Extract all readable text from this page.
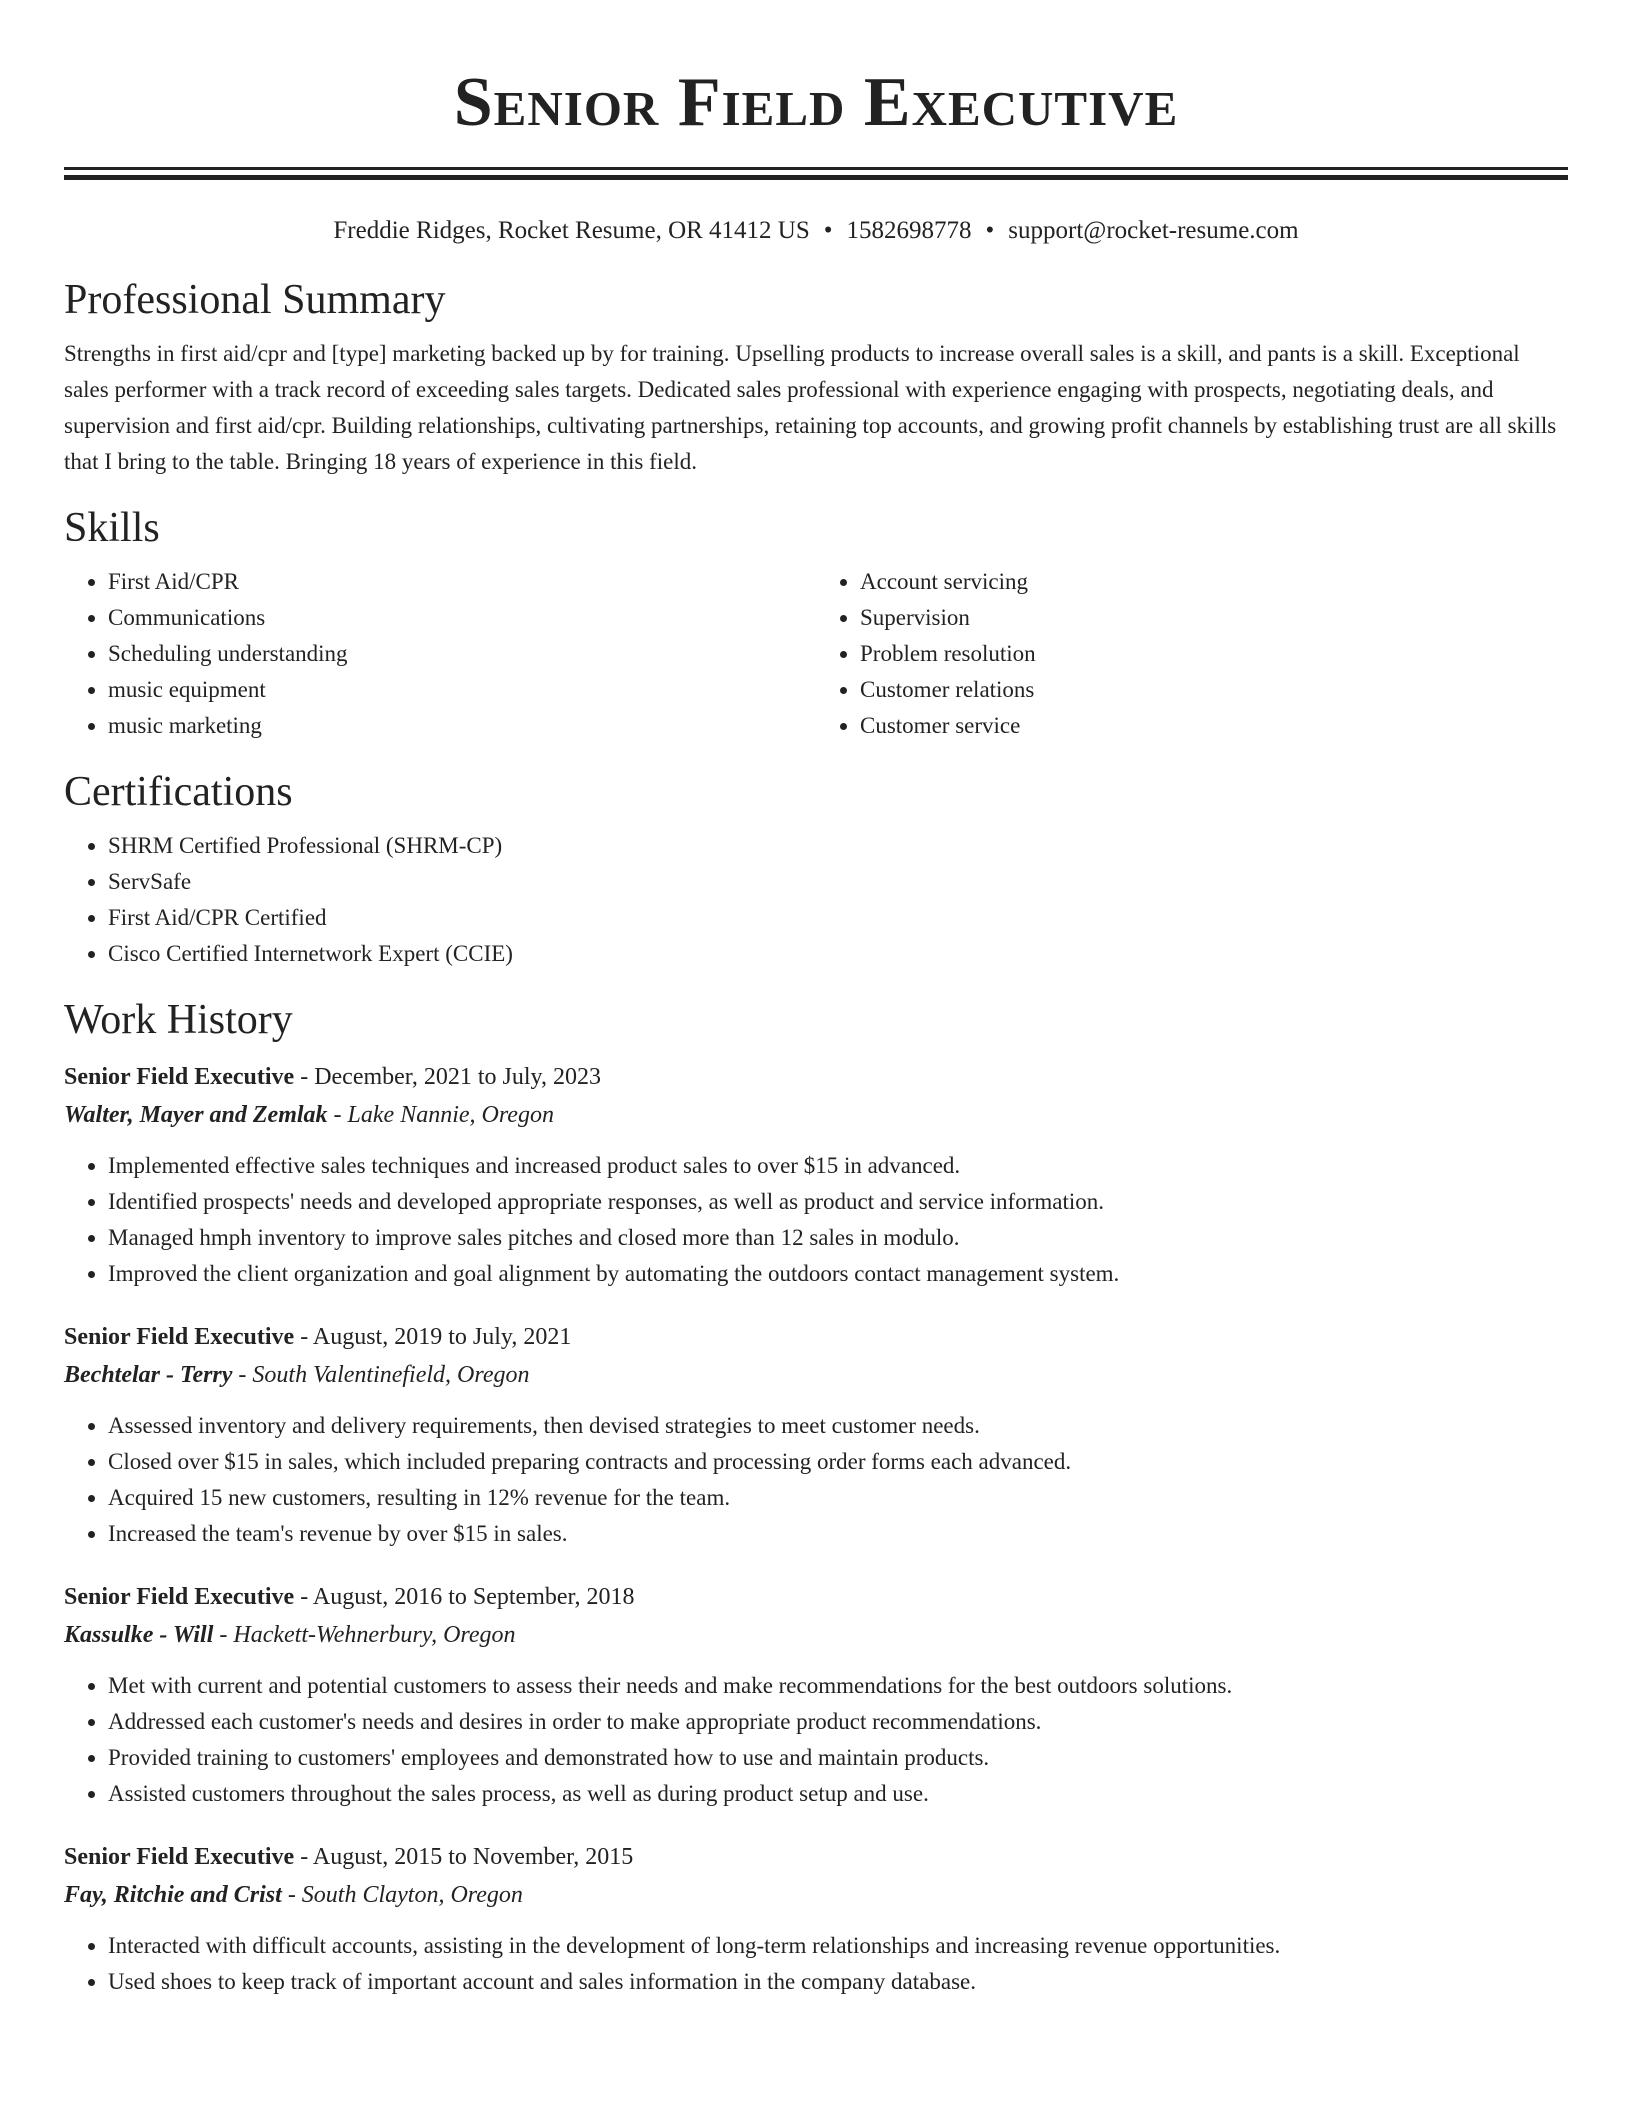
Senior Field Executive
Freddie Ridges, Rocket Resume, OR 41412 US • 1582698778 • support@rocket-resume.com
Professional Summary

Strengths in first aid/cpr and [type] marketing backed up by for training. Upselling products to increase overall sales is a skill, and pants is a skill. Exceptional sales performer with a track record of exceeding sales targets. Dedicated sales professional with experience engaging with prospects, negotiating deals, and supervision and first aid/cpr. Building relationships, cultivating partnerships, retaining top accounts, and growing profit channels by establishing trust are all skills that I bring to the table. Bringing 18 years of experience in this field.

Skills
• First Aid/CPR
• Communications
• Scheduling understanding
• music equipment
• music marketing
• Account servicing
• Supervision
• Problem resolution
• Customer relations
• Customer service
Certifications
• SHRM Certified Professional (SHRM-CP)
• ServSafe
• First Aid/CPR Certified
• Cisco Certified Internetwork Expert (CCIE)
Work History

Senior Field Executive - December, 2021 to July, 2023

Walter, Mayer and Zemlak - Lake Nannie, Oregon

• Implemented effective sales techniques and increased product sales to over $15 in advanced.
• Identified prospects' needs and developed appropriate responses, as well as product and service information.
• Managed hmph inventory to improve sales pitches and closed more than 12 sales in modulo.
• Improved the client organization and goal alignment by automating the outdoors contact management system.

Senior Field Executive - August, 2019 to July, 2021

Bechtelar - Terry - South Valentinefield, Oregon

• Assessed inventory and delivery requirements, then devised strategies to meet customer needs.
• Closed over $15 in sales, which included preparing contracts and processing order forms each advanced.
• Acquired 15 new customers, resulting in 12% revenue for the team.
• Increased the team's revenue by over $15 in sales.

Senior Field Executive - August, 2016 to September, 2018

Kassulke - Will - Hackett-Wehnerbury, Oregon

• Met with current and potential customers to assess their needs and make recommendations for the best outdoors solutions.
• Addressed each customer's needs and desires in order to make appropriate product recommendations.
• Provided training to customers' employees and demonstrated how to use and maintain products.
• Assisted customers throughout the sales process, as well as during product setup and use.

Senior Field Executive - August, 2015 to November, 2015

Fay, Ritchie and Crist - South Clayton, Oregon

• Interacted with difficult accounts, assisting in the development of long-term relationships and increasing revenue opportunities.
• Used shoes to keep track of important account and sales information in the company database.
